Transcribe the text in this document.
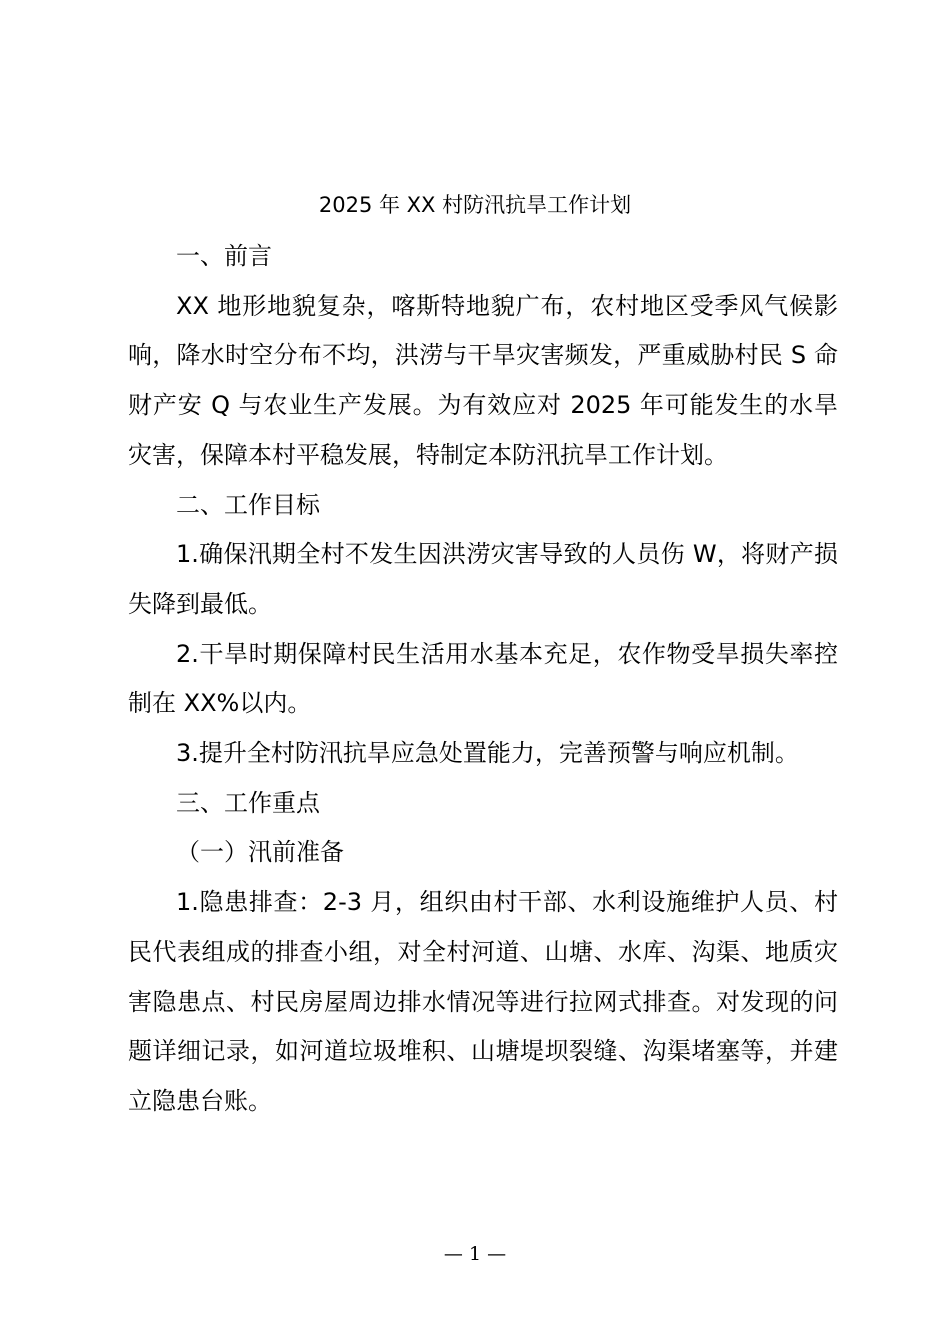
2025 年 XX 村防汛抗旱工作计划

一、前言

XX 地形地貌复杂，喀斯特地貌广布，农村地区受季风气候影响，降水时空分布不均，洪涝与干旱灾害频发，严重威胁村民 S 命财产安 Q 与农业生产发展。为有效应对 2025 年可能发生的水旱灾害，保障本村平稳发展，特制定本防汛抗旱工作计划。

二、工作目标

1.确保汛期全村不发生因洪涝灾害导致的人员伤 W，将财产损失降到最低。

2.干旱时期保障村民生活用水基本充足，农作物受旱损失率控制在 XX%以内。

3.提升全村防汛抗旱应急处置能力，完善预警与响应机制。

三、工作重点

（一）汛前准备

1.隐患排查：2-3 月，组织由村干部、水利设施维护人员、村民代表组成的排查小组，对全村河道、山塘、水库、沟渠、地质灾害隐患点、村民房屋周边排水情况等进行拉网式排查。对发现的问题详细记录，如河道垃圾堆积、山塘堤坝裂缝、沟渠堵塞等，并建立隐患台账。

— 1 —
